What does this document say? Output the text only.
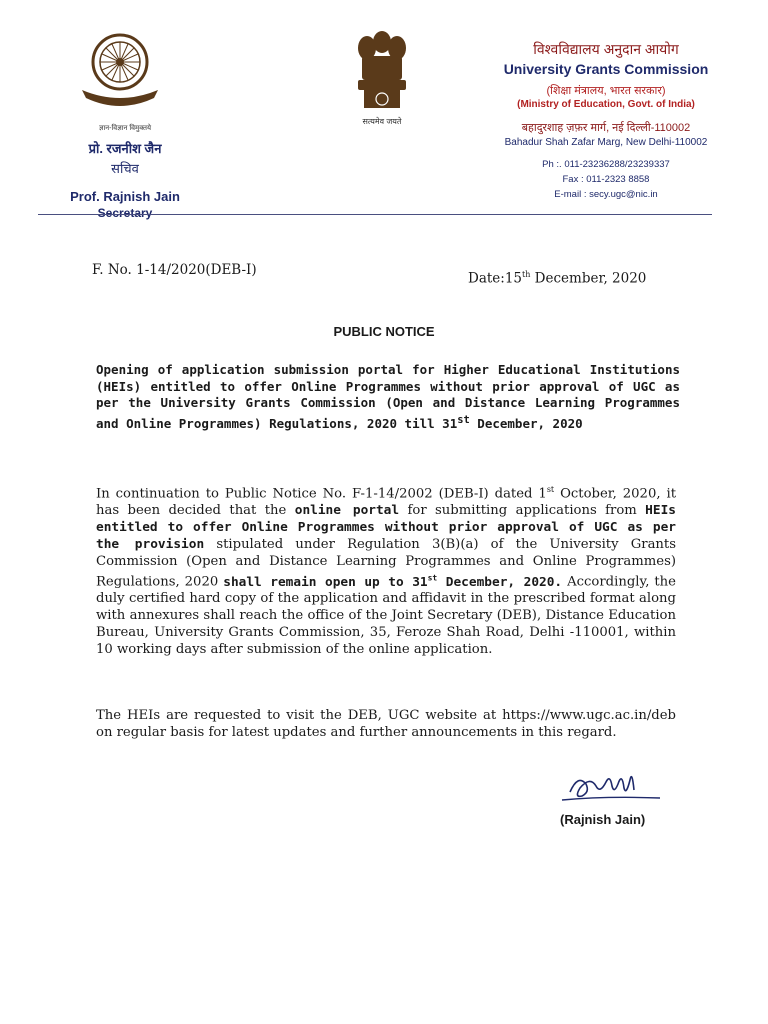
ज्ञान-विज्ञान विमुक्तये
प्रो. रजनीश जैन
सचिव
Prof. Rajnish Jain
Secretary
सत्यमेव जयते
विश्वविद्यालय अनुदान आयोग
University Grants Commission
(शिक्षा मंत्रालय, भारत सरकार)
(Ministry of Education, Govt. of India)
बहादुरशाह ज़फ़र मार्ग, नई दिल्ली-110002
Bahadur Shah Zafar Marg, New Delhi-110002
Ph :. 011-23236288/23239337
Fax : 011-2323 8858
E-mail : secy.ugc@nic.in
F. No. 1-14/2020(DEB-I)
Date:15th December, 2020
PUBLIC NOTICE
Opening of application submission portal for Higher Educational Institutions (HEIs) entitled to offer Online Programmes without prior approval of UGC as per the University Grants Commission (Open and Distance Learning Programmes and Online Programmes) Regulations, 2020 till 31st December, 2020
In continuation to Public Notice No. F-1-14/2002 (DEB-I) dated 1st October, 2020, it has been decided that the online portal for submitting applications from HEIs entitled to offer Online Programmes without prior approval of UGC as per the provision stipulated under Regulation 3(B)(a) of the University Grants Commission (Open and Distance Learning Programmes and Online Programmes) Regulations, 2020 shall remain open up to 31st December, 2020. Accordingly, the duly certified hard copy of the application and affidavit in the prescribed format along with annexures shall reach the office of the Joint Secretary (DEB), Distance Education Bureau, University Grants Commission, 35, Feroze Shah Road, Delhi -110001, within 10 working days after submission of the online application.
The HEIs are requested to visit the DEB, UGC website at https://www.ugc.ac.in/deb on regular basis for latest updates and further announcements in this regard.
(Rajnish Jain)
